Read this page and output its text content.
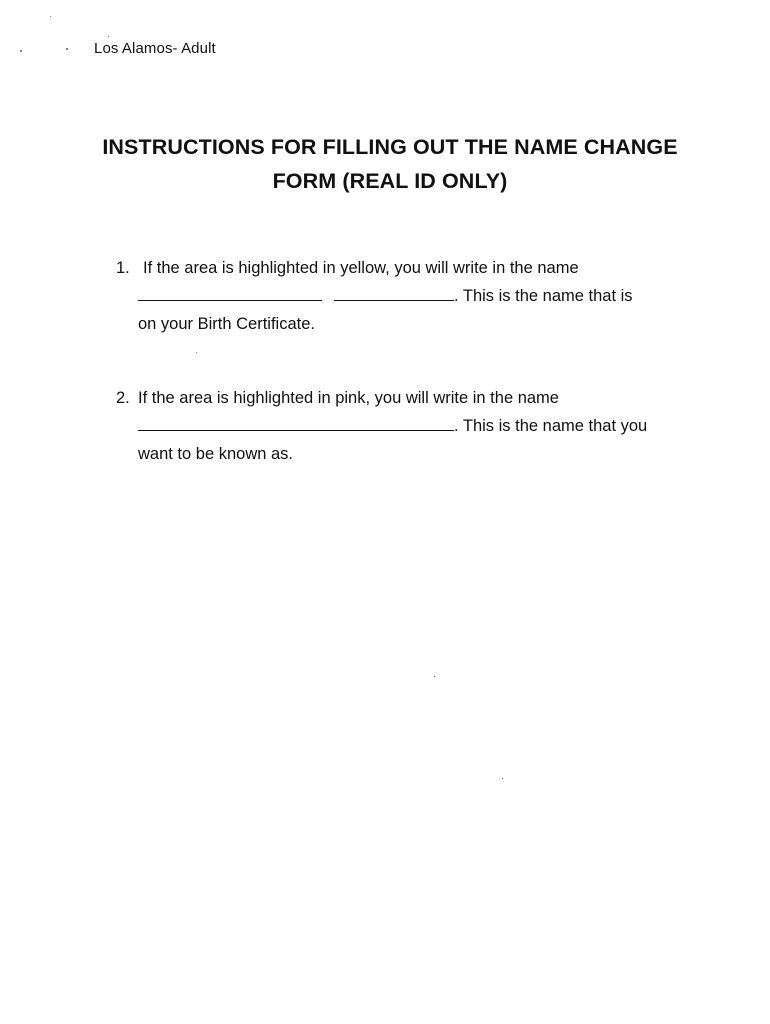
Los Alamos- Adult
INSTRUCTIONS FOR FILLING OUT THE NAME CHANGE
FORM (REAL ID ONLY)
1. If the area is highlighted in yellow, you will write in the name
. This is the name that is
on your Birth Certificate.
2. If the area is highlighted in pink, you will write in the name
. This is the name that you
want to be known as.
